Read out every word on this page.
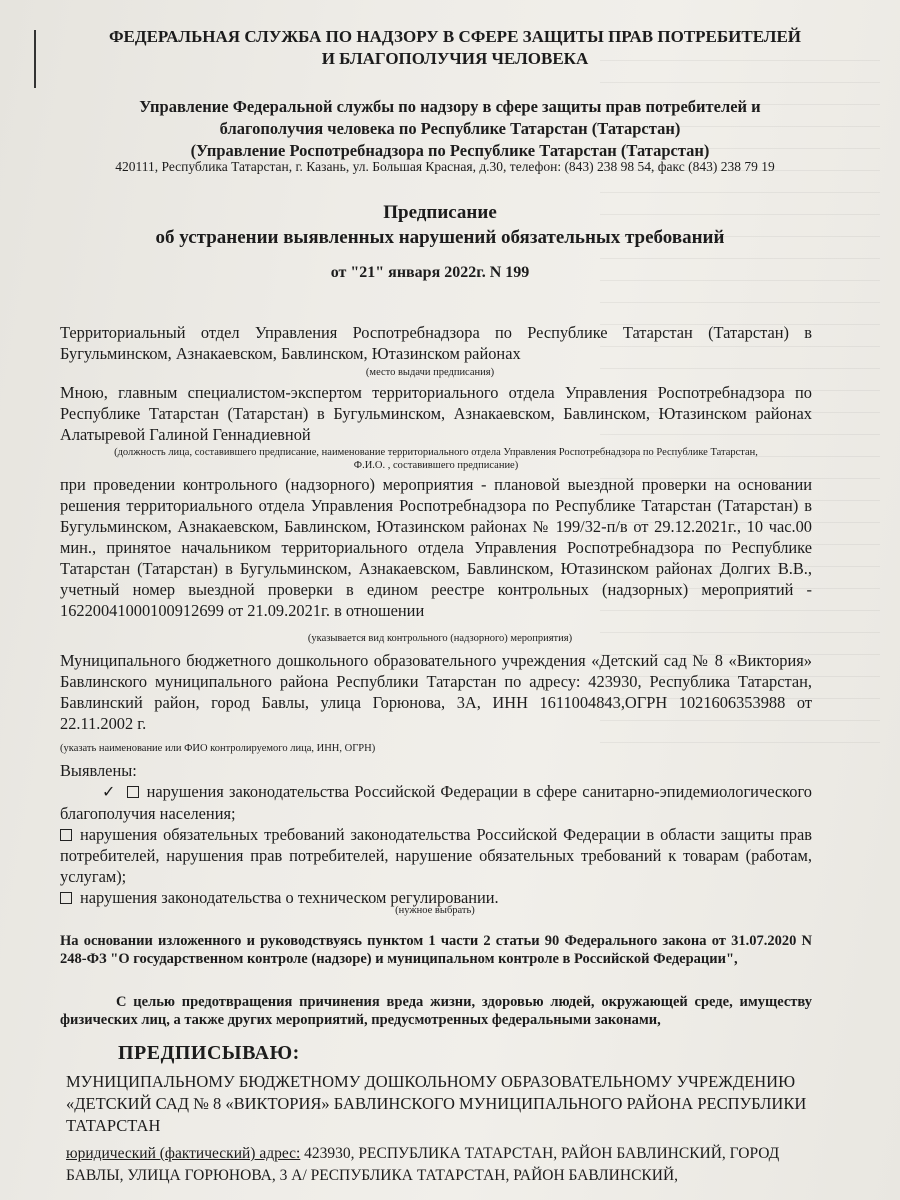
ФЕДЕРАЛЬНАЯ СЛУЖБА ПО НАДЗОРУ В СФЕРЕ ЗАЩИТЫ ПРАВ ПОТРЕБИТЕЛЕЙ
И БЛАГОПОЛУЧИЯ ЧЕЛОВЕКА
Управление Федеральной службы по надзору в сфере защиты прав потребителей и
благополучия человека по Республике Татарстан (Татарстан)
(Управление Роспотребнадзора по Республике Татарстан (Татарстан)
420111, Республика Татарстан, г. Казань, ул. Большая Красная, д.30, телефон: (843) 238 98 54, факс (843) 238 79 19
Предписание
об устранении выявленных нарушений обязательных требований
от "21" января 2022г. N 199
Территориальный отдел Управления Роспотребнадзора по Республике Татарстан (Татарстан) в Бугульминском, Азнакаевском, Бавлинском, Ютазинском районах
(место выдачи предписания)
Мною, главным специалистом-экспертом территориального отдела Управления Роспотребнадзора по Республике Татарстан (Татарстан) в Бугульминском, Азнакаевском, Бавлинском, Ютазинском районах Алатыревой Галиной Геннадиевной
(должность лица, составившего предписание, наименование территориального отдела Управления Роспотребнадзора по Республике Татарстан,
Ф.И.О. , составившего предписание)
при проведении контрольного (надзорного) мероприятия - плановой выездной проверки на основании решения территориального отдела Управления Роспотребнадзора по Республике Татарстан (Татарстан) в Бугульминском, Азнакаевском, Бавлинском, Ютазинском районах № 199/32-п/в от 29.12.2021г., 10 час.00 мин., принятое начальником территориального отдела Управления Роспотребнадзора по Республике Татарстан (Татарстан) в Бугульминском, Азнакаевском, Бавлинском, Ютазинском районах Долгих В.В., учетный номер выездной проверки в едином реестре контрольных (надзорных) мероприятий - 16220041000100912699 от 21.09.2021г. в отношении
(указывается вид контрольного (надзорного) мероприятия)
Муниципального бюджетного дошкольного образовательного учреждения «Детский сад № 8 «Виктория» Бавлинского муниципального района Республики Татарстан по адресу: 423930, Республика Татарстан, Бавлинский район, город Бавлы, улица Горюнова, 3А, ИНН 1611004843,ОГРН 1021606353988 от 22.11.2002 г.
(указать наименование или ФИО контролируемого лица, ИНН, ОГРН)
Выявлены:
✓ нарушения законодательства Российской Федерации в сфере санитарно-эпидемиологического благополучия населения;
нарушения обязательных требований законодательства Российской Федерации в области защиты прав потребителей, нарушения прав потребителей, нарушение обязательных требований к товарам (работам, услугам);
нарушения законодательства о техническом регулировании.
(нужное выбрать)
На основании изложенного и руководствуясь пунктом 1 части 2 статьи 90 Федерального закона от 31.07.2020 N 248-ФЗ "О государственном контроле (надзоре) и муниципальном контроле в Российской Федерации",
С целью предотвращения причинения вреда жизни, здоровью людей, окружающей среде, имуществу физических лиц, а также других мероприятий, предусмотренных федеральными законами,
ПРЕДПИСЫВАЮ:
МУНИЦИПАЛЬНОМУ БЮДЖЕТНОМУ ДОШКОЛЬНОМУ ОБРАЗОВАТЕЛЬНОМУ УЧРЕЖДЕНИЮ «ДЕТСКИЙ САД № 8 «ВИКТОРИЯ» БАВЛИНСКОГО МУНИЦИПАЛЬНОГО РАЙОНА РЕСПУБЛИКИ ТАТАРСТАН
юридический (фактический) адрес: 423930, РЕСПУБЛИКА ТАТАРСТАН, РАЙОН БАВЛИНСКИЙ, ГОРОД БАВЛЫ, УЛИЦА ГОРЮНОВА, 3 А/ РЕСПУБЛИКА ТАТАРСТАН, РАЙОН БАВЛИНСКИЙ,
